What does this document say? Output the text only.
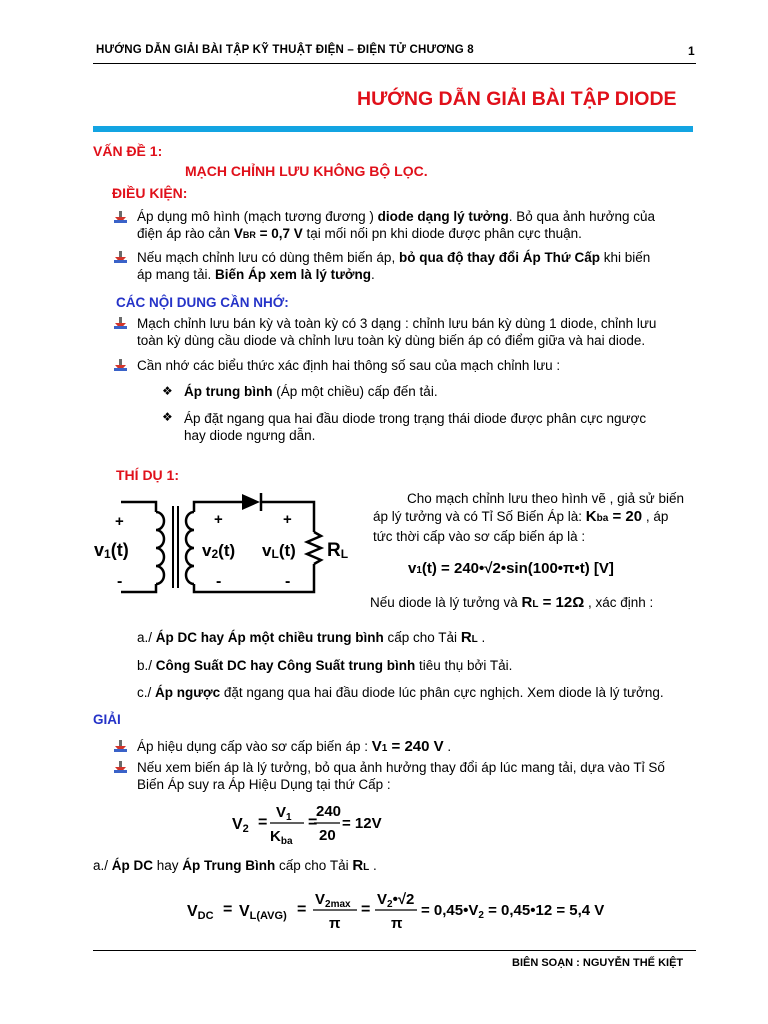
HƯỚNG DẪN GIẢI BÀI TẬP KỸ THUẬT ĐIỆN – ĐIỆN TỬ CHƯƠNG 8	1
HƯỚNG DẪN GIẢI BÀI TẬP DIODE
VẤN ĐỀ 1:
MẠCH CHỈNH LƯU KHÔNG BỘ LỌC.
ĐIỀU KIỆN:
Áp dụng mô hình (mạch tương đương ) diode dạng lý tưởng. Bỏ qua ảnh hưởng của
điện áp rào cản VBR = 0,7 V tại mối nối pn khi diode được phân cực thuận.
Nếu mạch chỉnh lưu có dùng thêm biến áp, bỏ qua độ thay đổi Áp Thứ Cấp khi biến
áp mang tải. Biến Áp xem là lý tưởng.
CÁC NỘI DUNG CẦN NHỚ:
Mạch chỉnh lưu bán kỳ và toàn kỳ có 3 dạng : chỉnh lưu bán kỳ dùng 1 diode, chỉnh lưu
toàn kỳ dùng cầu diode và chỉnh lưu toàn kỳ dùng biến áp có điểm giữa và hai diode.
Cần nhớ các biểu thức xác định hai thông số sau của mạch chỉnh lưu :
❖ Áp trung bình (Áp một chiều) cấp đến tải.
❖ Áp đặt ngang qua hai đầu diode trong trạng thái diode được phân cực ngược
hay diode ngưng dẫn.
THÍ DỤ 1:
+
-
v1(t)
+
-
v2(t)
+
-
vL(t) RL
Cho mạch chỉnh lưu theo hình vẽ , giả sử biến
áp lý tưởng và có Tỉ Số Biến Áp là: Kba = 20 , áp
tức thời cấp vào sơ cấp biến áp là :
v1(t) = 240•√2•sin(100•π•t) [V]
Nếu diode là lý tưởng và RL = 12Ω , xác định :
a./ Áp DC hay Áp một chiều trung bình cấp cho Tải RL .
b./ Công Suất DC hay Công Suất trung bình tiêu thụ bởi Tải.
c./ Áp ngược đặt ngang qua hai đầu diode lúc phân cực nghịch. Xem diode là lý tưởng.
GIẢI
Áp hiệu dụng cấp vào sơ cấp biến áp : V1 = 240 V .
Nếu xem biến áp là lý tưởng, bỏ qua ảnh hưởng thay đổi áp lúc mang tải, dựa vào Tỉ Số
Biến Áp suy ra Áp Hiệu Dụng tại thứ Cấp :
V2 =
$V_1$
$K_{ba}$
=
240
20
= 12V
a./ Áp DC hay Áp Trung Bình cấp cho Tải RL .
VDC = VL(AVG) =
$V_{2max}$
π
=
$V_2•√2$
π
= $0,45•V_2$ = 0,45•12 = 5,4 V
BIÊN SOẠN : NGUYỄN THẾ KIỆT
